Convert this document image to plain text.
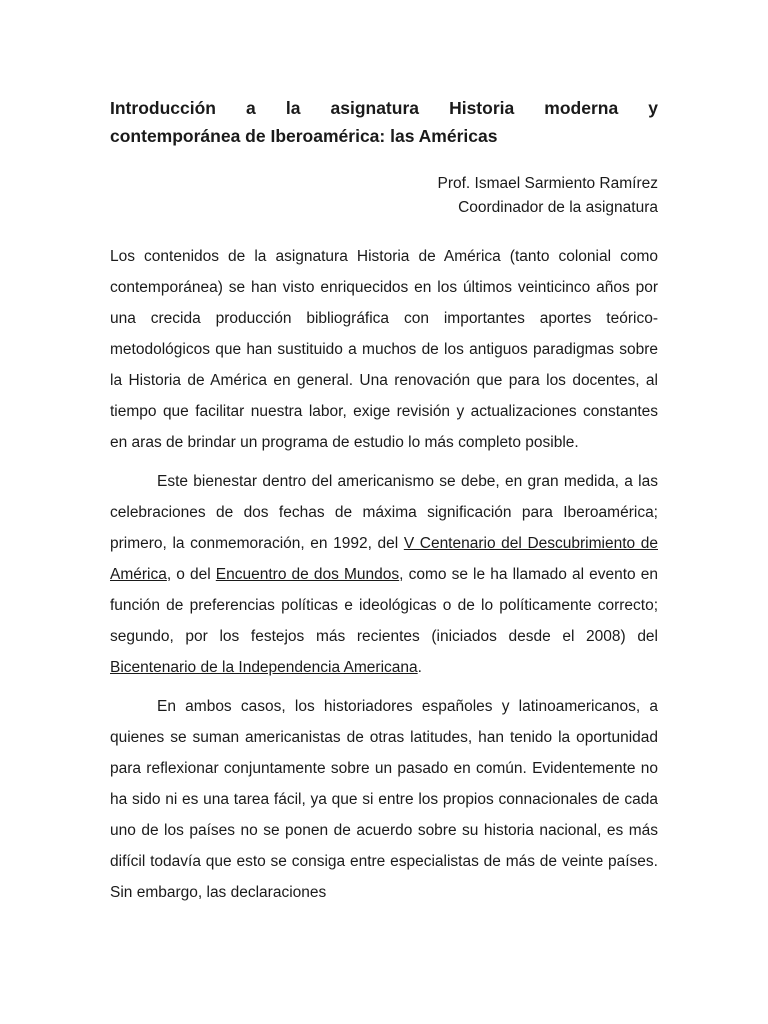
Introducción a la asignatura Historia moderna y
contemporánea de Iberoamérica: las Américas
Prof. Ismael Sarmiento Ramírez
Coordinador de la asignatura

Los contenidos de la asignatura Historia de América (tanto colonial como contemporánea) se han visto enriquecidos en los últimos veinticinco años por una crecida producción bibliográfica con importantes aportes teórico-metodológicos que han sustituido a muchos de los antiguos paradigmas sobre la Historia de América en general. Una renovación que para los docentes, al tiempo que facilitar nuestra labor, exige revisión y actualizaciones constantes en aras de brindar un programa de estudio lo más completo posible.

Este bienestar dentro del americanismo se debe, en gran medida, a las celebraciones de dos fechas de máxima significación para Iberoamérica; primero, la conmemoración, en 1992, del V Centenario del Descubrimiento de América, o del Encuentro de dos Mundos, como se le ha llamado al evento en función de preferencias políticas e ideológicas o de lo políticamente correcto; segundo, por los festejos más recientes (iniciados desde el 2008) del Bicentenario de la Independencia Americana.

En ambos casos, los historiadores españoles y latinoamericanos, a quienes se suman americanistas de otras latitudes, han tenido la oportunidad para reflexionar conjuntamente sobre un pasado en común. Evidentemente no ha sido ni es una tarea fácil, ya que si entre los propios connacionales de cada uno de los países no se ponen de acuerdo sobre su historia nacional, es más difícil todavía que esto se consiga entre especialistas de más de veinte países. Sin embargo, las declaraciones
